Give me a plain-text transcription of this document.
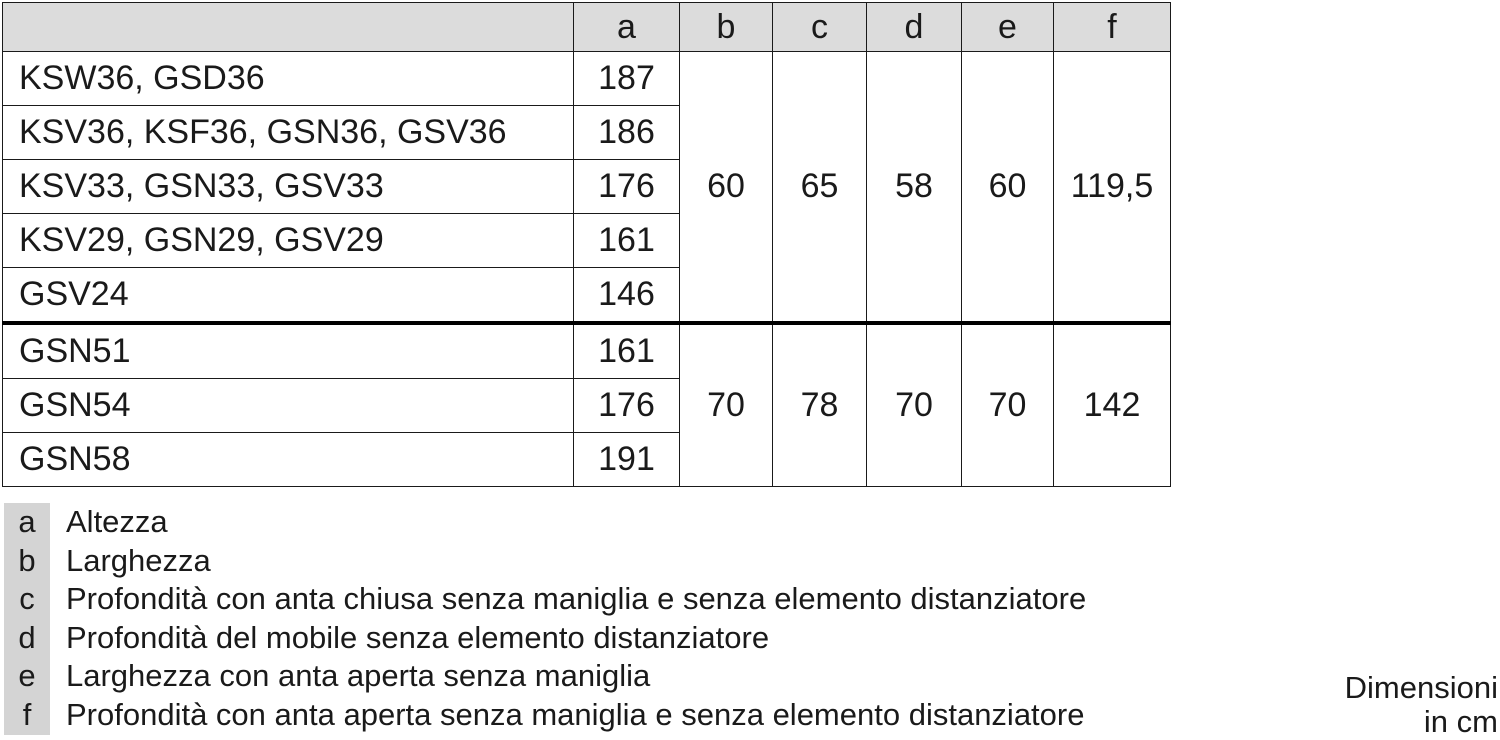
	a	b	c	d	e	f
KSW36, GSD36	187	60	65	58	60	119,5
KSV36, KSF36, GSN36, GSV36	186					
KSV33, GSN33, GSV33	176					
KSV29, GSN29, GSV29	161					
GSV24	146					
GSN51	161	70	78	70	70	142
GSN54	176					
GSN58	191					
a Altezza
b Larghezza
c	Profondità con anta chiusa senza maniglia e senza elemento distanziatore
d Profondità del mobile senza elemento distanziatore
e Larghezza con anta aperta senza maniglia
f	Profondità con anta aperta senza maniglia e senza elemento distanziatore
Dimensioni
in cm
